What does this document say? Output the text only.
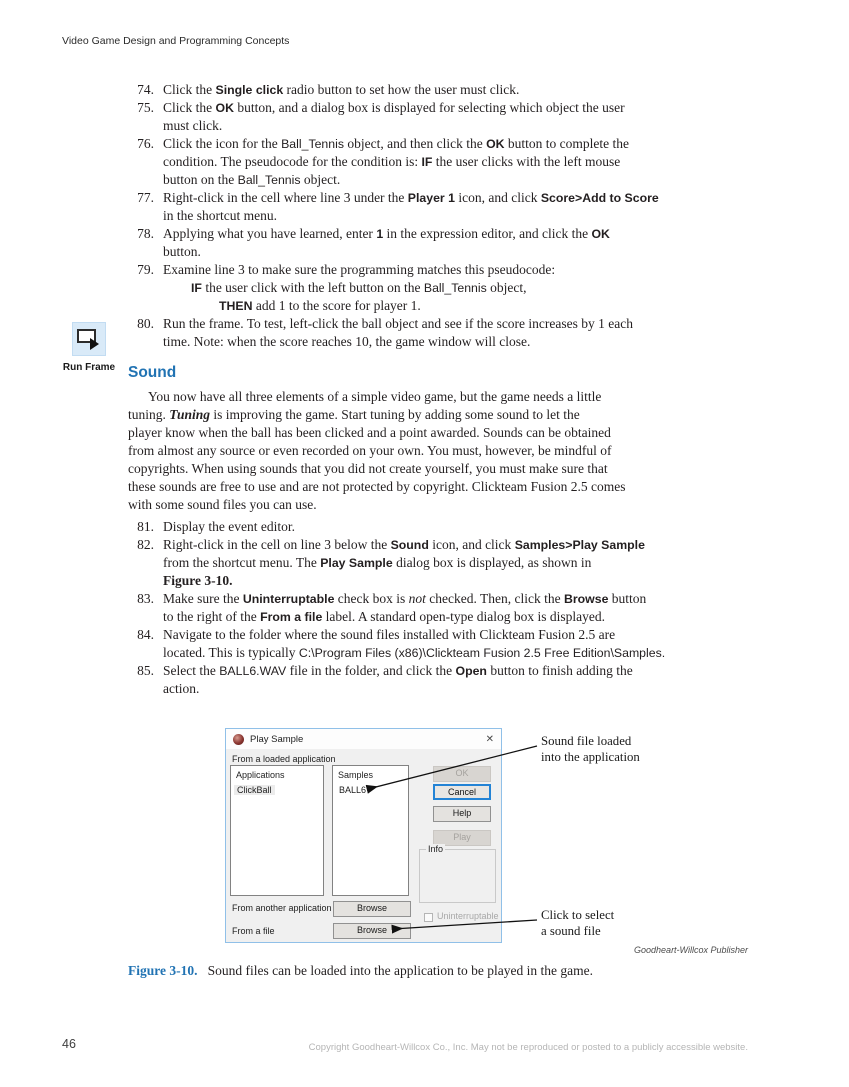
Video Game Design and Programming Concepts
74. Click the Single click radio button to set how the user must click.
75. Click the OK button, and a dialog box is displayed for selecting which object the user
must click.
76. Click the icon for the Ball_Tennis object, and then click the OK button to complete the
condition. The pseudocode for the condition is: IF the user clicks with the left mouse
button on the Ball_Tennis object.
77. Right-click in the cell where line 3 under the Player 1 icon, and click Score>Add to Score
in the shortcut menu.
78. Applying what you have learned, enter 1 in the expression editor, and click the OK
button.
79. Examine line 3 to make sure the programming matches this pseudocode:
IF the user click with the left button on the Ball_Tennis object,
THEN add 1 to the score for player 1.
80. Run the frame. To test, left-click the ball object and see if the score increases by 1 each
time. Note: when the score reaches 10, the game window will close.
Run Frame Sound
You now have all three elements of a simple video game, but the game needs a little
tuning. Tuning is improving the game. Start tuning by adding some sound to let the
player know when the ball has been clicked and a point awarded. Sounds can be obtained
from almost any source or even recorded on your own. You must, however, be mindful of
copyrights. When using sounds that you did not create yourself, you must make sure that
these sounds are free to use and are not protected by copyright. Clickteam Fusion 2.5 comes
with some sound files you can use.
81. Display the event editor.
82. Right-click in the cell on line 3 below the Sound icon, and click Samples>Play Sample
from the shortcut menu. The Play Sample dialog box is displayed, as shown in
Figure 3-10.
83. Make sure the Uninterruptable check box is not checked. Then, click the Browse button
to the right of the From a file label. A standard open-type dialog box is displayed.
84. Navigate to the folder where the sound files installed with Clickteam Fusion 2.5 are
located. This is typically C:\Program Files (x86)\Clickteam Fusion 2.5 Free Edition\Samples.
85. Select the BALL6.WAV file in the folder, and click the Open button to finish adding the
action.
Play Sample	✕
From a loaded application
Applications
ClickBall
Samples
BALL6
OK
Cancel
Help
Play
Info
From another application	Browse
Uninterruptable
From a file	Browse
Sound file loaded
into the application
Click to select
a sound file
Goodheart-Willcox Publisher
Figure 3-10. Sound files can be loaded into the application to be played in the game.
46	Copyright Goodheart-Willcox Co., Inc. May not be reproduced or posted to a publicly accessible website.
